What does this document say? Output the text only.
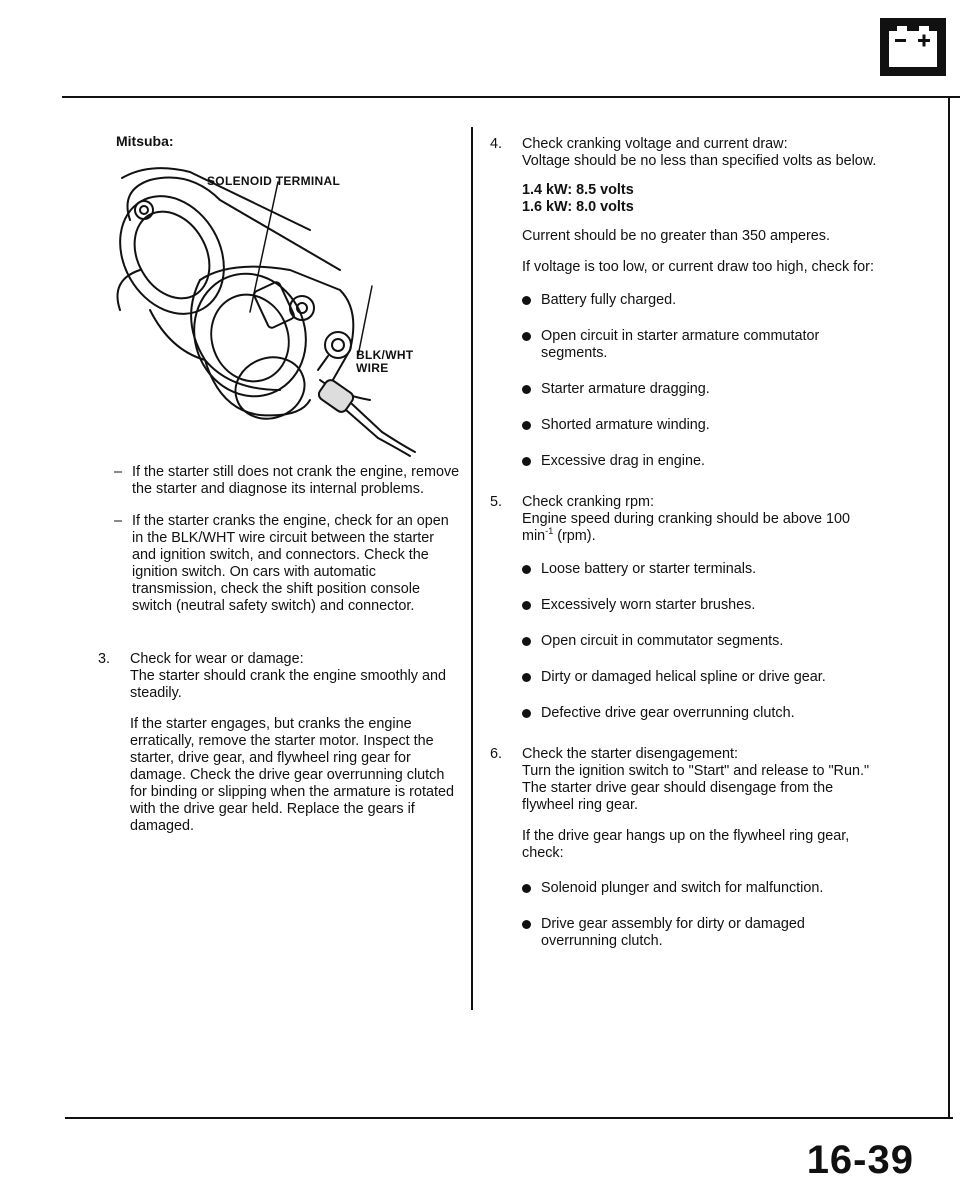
Mitsuba:
SOLENOID TERMINAL
BLK/WHT
WIRE
– If the starter still does not crank the engine, remove the starter and diagnose its internal problems.

– If the starter cranks the engine, check for an open in the BLK/WHT wire circuit between the starter and ignition switch, and connectors. Check the ignition switch. On cars with automatic transmission, check the shift position console switch (neutral safety switch) and connector.

3.	Check for wear or damage:

The starter should crank the engine smoothly and steadily.

If the starter engages, but cranks the engine erratically, remove the starter motor. Inspect the starter, drive gear, and flywheel ring gear for damage. Check the drive gear overrunning clutch for binding or slipping when the armature is rotated with the drive gear held. Replace the gears if damaged.

4.	Check cranking voltage and current draw:

Voltage should be no less than specified volts as below.

1.4 kW: 8.5 volts

1.6 kW: 8.0 volts

Current should be no greater than 350 amperes.

If voltage is too low, or current draw too high, check for:

Battery fully charged.
Open circuit in starter armature commutator segments.
Starter armature dragging.
Shorted armature winding.
Excessive drag in engine.
5.	Check cranking rpm:

Engine speed during cranking should be above 100 $\min^{-1} (rpm)$.

Loose battery or starter terminals.
Excessively worn starter brushes.
Open circuit in commutator segments.
Dirty or damaged helical spline or drive gear.
Defective drive gear overrunning clutch.
6.	Check the starter disengagement:

Turn the ignition switch to "Start" and release to "Run." The starter drive gear should disengage from the flywheel ring gear.

If the drive gear hangs up on the flywheel ring gear, check:

Solenoid plunger and switch for malfunction.
Drive gear assembly for dirty or damaged overrunning clutch.
16-39
